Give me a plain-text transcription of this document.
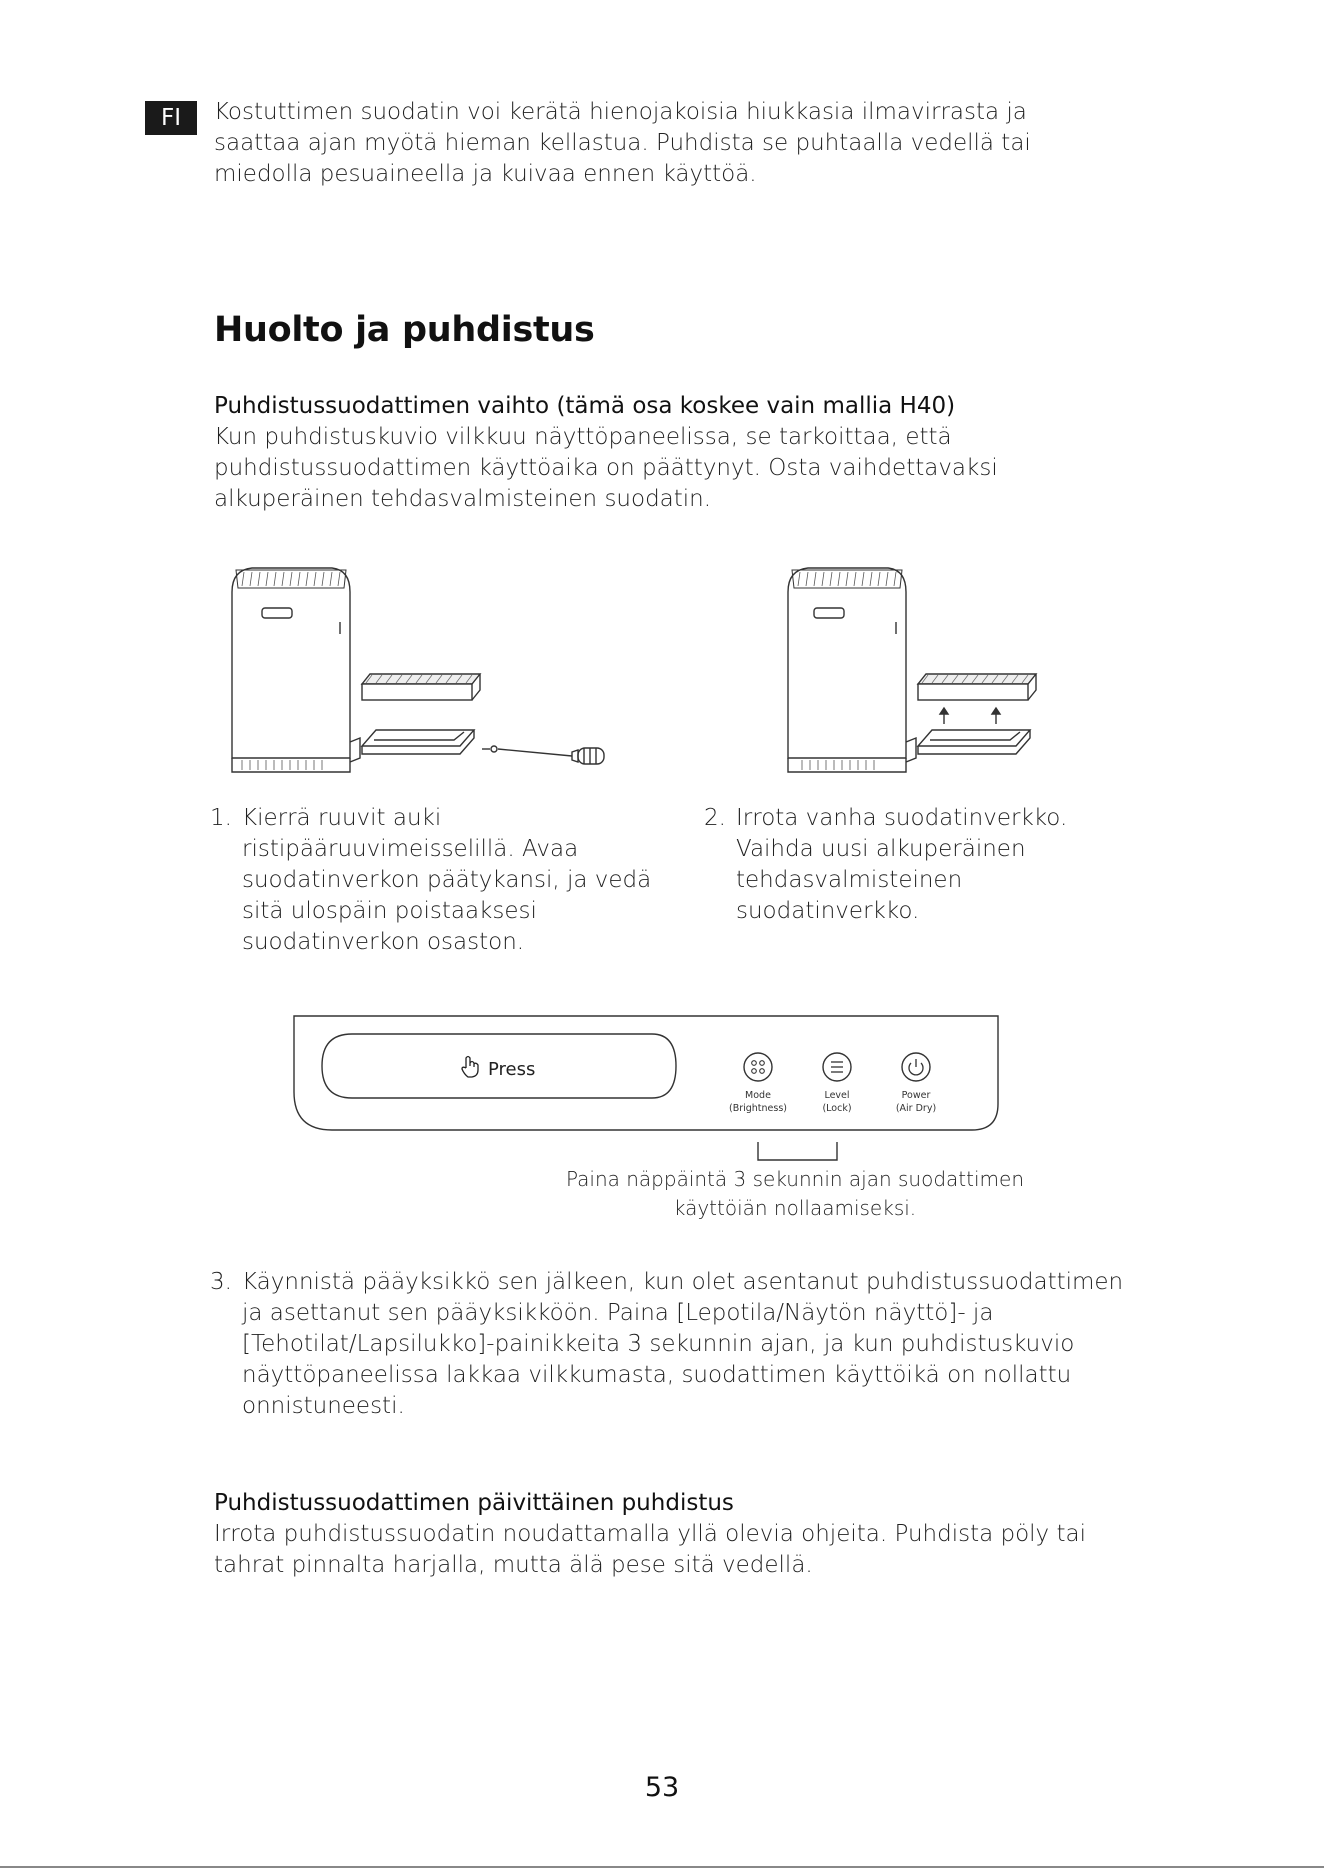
FI	Kostuttimen suodatin voi kerätä hienojakoisia hiukkasia ilmavirrasta ja saattaa ajan myötä hieman kellastua. Puhdista se puhtaalla vedellä tai miedolla pesuaineella ja kuivaa ennen käyttöä.
Huolto ja puhdistus
Puhdistussuodattimen vaihto (tämä osa koskee vain mallia H40)
Kun puhdistuskuvio vilkkuu näyttöpaneelissa, se tarkoittaa, että puhdistussuodattimen käyttöaika on päättynyt. Osta vaihdettavaksi alkuperäinen tehdasvalmisteinen suodatin.
1. Kierrä ruuvit auki ristipääruuvimeisselillä. Avaa suodatinverkon päätykansi, ja vedä sitä ulospäin poistaaksesi suodatinverkon osaston.
2. Irrota vanha suodatinverkko. Vaihda uusi alkuperäinen tehdasvalmisteinen suodatinverkko.
Press
Mode
(Brightness)
Level
(Lock)
Power
(Air Dry)
Paina näppäintä 3 sekunnin ajan suodattimen käyttöiän nollaamiseksi.
3. Käynnistä pääyksikkö sen jälkeen, kun olet asentanut puhdistussuodattimen ja asettanut sen pääyksikköön. Paina [Lepotila/Näytön näyttö]- ja [Tehotilat/Lapsilukko]-painikkeita 3 sekunnin ajan, ja kun puhdistuskuvio näyttöpaneelissa lakkaa vilkkumasta, suodattimen käyttöikä on nollattu onnistuneesti.
Puhdistussuodattimen päivittäinen puhdistus
Irrota puhdistussuodatin noudattamalla yllä olevia ohjeita. Puhdista pöly tai tahrat pinnalta harjalla, mutta älä pese sitä vedellä.
53
